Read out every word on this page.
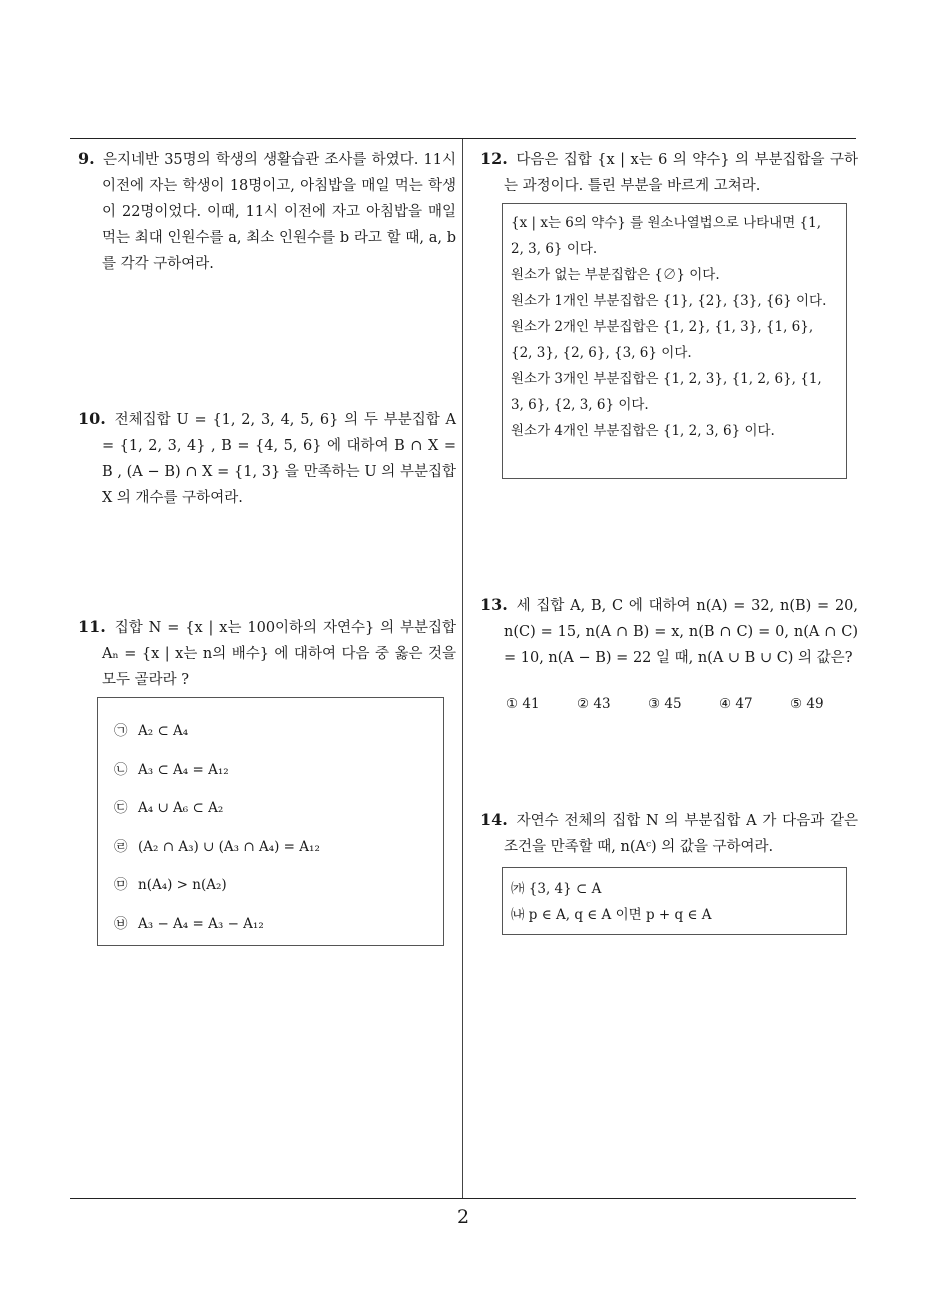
9. 은지네반 35명의 학생의 생활습관 조사를 하였다. 11시 이전에 자는 학생이 18명이고, 아침밥을 매일 먹는 학생이 22명이었다. 이때, 11시 이전에 자고 아침밥을 매일 먹는 최대 인원수를 a, 최소 인원수를 b 라고 할 때, a, b 를 각각 구하여라.
10. 전체집합 U = {1, 2, 3, 4, 5, 6} 의 두 부분집합 A = {1, 2, 3, 4} , B = {4, 5, 6} 에 대하여 B ∩ X = B , (A − B) ∩ X = {1, 3} 을 만족하는 U 의 부분집합 X 의 개수를 구하여라.
11. 집합 N = {x | x는 100이하의 자연수} 의 부분집합 Aₙ = {x | x는 n의 배수} 에 대하여 다음 중 옳은 것을 모두 골라라 ?
㉠ A₂ ⊂ A₄
㉡ A₃ ⊂ A₄ = A₁₂
㉢ A₄ ∪ A₆ ⊂ A₂
㉣ (A₂ ∩ A₃) ∪ (A₃ ∩ A₄) = A₁₂
㉤ n(A₄) > n(A₂)
㉥ A₃ − A₄ = A₃ − A₁₂
12. 다음은 집합 {x | x는 6 의 약수} 의 부분집합을 구하는 과정이다. 틀린 부분을 바르게 고쳐라.

{x | x는 6의 약수} 를 원소나열법으로 나타내면 {1, 2, 3, 6} 이다.

원소가 없는 부분집합은 {∅} 이다.

원소가 1개인 부분집합은 {1}, {2}, {3}, {6} 이다.

원소가 2개인 부분집합은 {1, 2}, {1, 3}, {1, 6}, {2, 3}, {2, 6}, {3, 6} 이다.

원소가 3개인 부분집합은 {1, 2, 3}, {1, 2, 6}, {1, 3, 6}, {2, 3, 6} 이다.

원소가 4개인 부분집합은 {1, 2, 3, 6} 이다.

13. 세 집합 A, B, C 에 대하여 n(A) = 32, n(B) = 20, n(C) = 15, n(A ∩ B) = x, n(B ∩ C) = 0, n(A ∩ C) = 10, n(A − B) = 22 일 때, n(A ∪ B ∪ C) 의 값은?
① 41	② 43	③ 45	④ 47	⑤ 49
14. 자연수 전체의 집합 N 의 부분집합 A 가 다음과 같은 조건을 만족할 때, n(Aᶜ) 의 값을 구하여라.

㈎ {3, 4} ⊂ A

㈏ p ∈ A, q ∈ A 이면 p + q ∈ A

2
